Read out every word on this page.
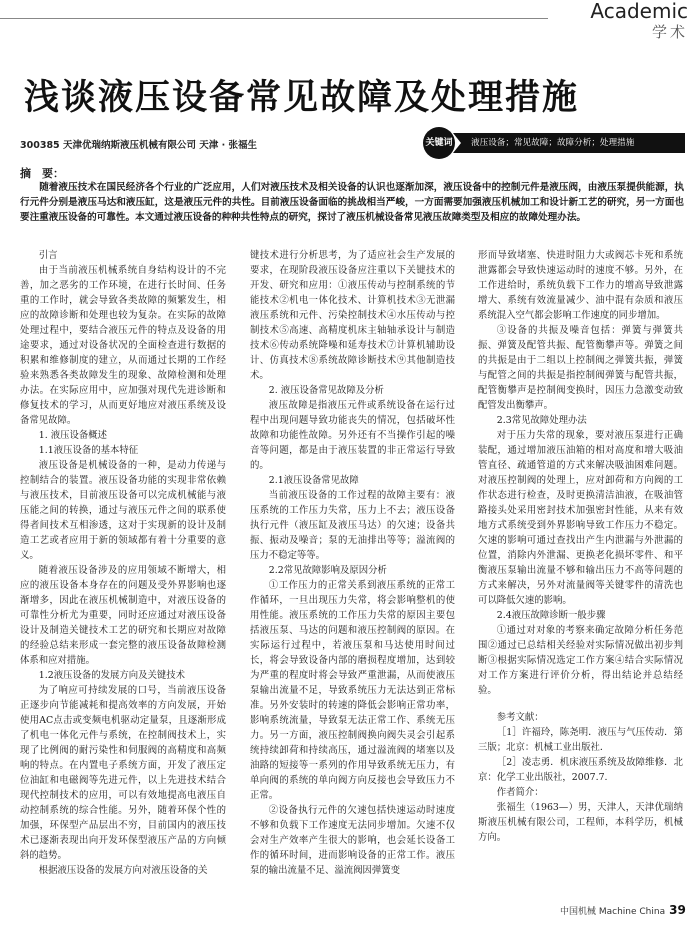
Academic
学术
浅谈液压设备常见故障及处理措施
300385 天津优瑞纳斯液压机械有限公司 天津 · 张福生	液压设备；常见故障；故障分析；处理措施
关键词
摘　要：
随着液压技术在国民经济各个行业的广泛应用，人们对液压技术及相关设备的认识也逐渐加深，液压设备中的控制元件是液压阀，由液压泵提供能源，执行元件分别是液压马达和液压缸，这是液压元件的共性。目前液压设备面临的挑战相当严峻，一方面需要加强液压机械加工和设计新工艺的研究，另一方面也要注重液压设备的可靠性。本文通过液压设备的种种共性特点的研究，探讨了液压机械设备常见液压故障类型及相应的故障处理办法。

引言

由于当前液压机械系统自身结构设计的不完善，加之恶劣的工作环境，在进行长时间、任务重的工作时，就会导致各类故障的频繁发生，相应的故障诊断和处理也较为复杂。在实际的故障处理过程中，要结合液压元件的特点及设备的用途要求，通过对设备状况的全面检查进行数据的积累和维修制度的建立，从而通过长期的工作经验来熟悉各类故障发生的现象、故障检测和处理办法。在实际应用中，应加强对现代先进诊断和修复技术的学习，从而更好地应对液压系统及设备常见故障。

1. 液压设备概述

1.1液压设备的基本特征

液压设备是机械设备的一种，是动力传递与控制结合的装置。液压设备功能的实现非常依赖与液压技术，目前液压设备可以完成机械能与液压能之间的转换，通过与液压元件之间的联系使得者间技术互相渗透，这对于实现新的设计及制造工艺或者应用于新的领域都有着十分重要的意义。

随着液压设备涉及的应用领域不断增大，相应的液压设备本身存在的问题及受外界影响也逐渐增多，因此在液压机械制造中，对液压设备的可靠性分析尤为重要，同时还应通过对液压设备设计及制造关键技术工艺的研究和长期应对故障的经验总结来形成一套完整的液压设备故障检测体系和应对措施。

1.2液压设备的发展方向及关键技术

为了响应可持续发展的口号，当前液压设备正逐步向节能减耗和提高效率的方向发展，开始使用AC点击或变频电机驱动定量泵，且逐渐形成了机电一体化元件与系统，在控制阀技术上，实现了比例阀的耐污染性和伺服阀的高精度和高频响的特点。在内置电子系统方面，开发了液压定位油缸和电磁阀等先进元件，以上先进技术结合现代控制技术的应用，可以有效地提高电液压自动控制系统的综合性能。另外，随着环保个性的加强，环保型产品层出不穷，目前国内的液压技术已逐渐表现出向开发环保型液压产品的方向倾斜的趋势。

根据液压设备的发展方向对液压设备的关

键技术进行分析思考，为了适应社会生产发展的要求，在现阶段液压设备应注重以下关键技术的开发、研究和应用：①液压传动与控制系统的节能技术②机电一体化技术、计算机技术③无泄漏液压系统和元件、污染控制技术④水压传动与控制技术⑤高速、高精度机床主轴轴承设计与制造技术⑥传动系统降噪和延寿技术⑦计算机辅助设计、仿真技术⑧系统故障诊断技术⑨其他制造技术。

2. 液压设备常见故障及分析

液压故障是指液压元件或系统设备在运行过程中出现问题导致功能丧失的情况，包括破坏性故障和功能性故障。另外还有不当操作引起的噪音等问题，都是由于液压装置的非正常运行导致的。

2.1液压设备常见故障

当前液压设备的工作过程的故障主要有：液压系统的工作压力失常，压力上不去；液压设备执行元件（液压缸及液压马达）的欠速；设备共振、振动及噪音；泵的无油排出等等；溢流阀的压力不稳定等等。

2.2常见故障影响及原因分析

①工作压力的正常关系到液压系统的正常工作循环，一旦出现压力失常，将会影响整机的使用性能。液压系统的工作压力失常的原因主要包括液压泵、马达的问题和液压控制阀的原因。在实际运行过程中，若液压泵和马达使用时间过长，将会导致设备内部的磨损程度增加，达到较为严重的程度时将会导致严重泄漏，从而使液压泵输出流量不足，导致系统压力无法达到正常标准。另外安装时的转速的降低会影响正常功率，影响系统流量，导致泵无法正常工作、系统无压力。另一方面，液压控制阀换向阀失灵会引起系统持续卸荷和持续高压，通过溢流阀的堵塞以及油路的短接等一系列的作用导致系统无压力，有单向阀的系统的单向阀方向反接也会导致压力不正常。

②设备执行元件的欠速包括快速运动时速度不够和负载下工作速度无法同步增加。欠速不仅会对生产效率产生很大的影响，也会延长设备工作的循环时间，进而影响设备的正常工作。液压泵的输出流量不足、溢流阀因弹簧变

形而导致堵塞、快进时阻力大或阀芯卡死和系统泄露都会导致快速运动时的速度不够。另外，在工作进给时，系统负载下工作力的增高导致泄露增大、系统有效流量减少、油中混有杂质和液压系统混入空气都会影响工作速度的同步增加。

③设备的共振及噪音包括：弹簧与弹簧共振、弹簧及配管共振、配管衡攀声等。弹簧之间的共振是由于二组以上控制阀之弹簧共振，弹簧与配管之间的共振是指控制阀弹簧与配管共振，配管衡攀声是控制阀变换时，因压力急激变动致配管发出衡攀声。

2.3常见故障处理办法

对于压力失常的现象，要对液压泵进行正确装配，通过增加液压油箱的相对高度和增大吸油管直径、疏通管道的方式来解决吸油困难问题。对液压控制阀的处理上，应对卸荷和方向阀的工作状态进行检查，及时更换清洁油液，在吸油管路接头处采用密封技术加强密封性能，从来有效地方式系统受到外界影响导致工作压力不稳定。欠速的影响可通过查找出产生内泄漏与外泄漏的位置，消除内外泄漏、更换老化损坏零件、和平衡液压泵输出流量不够和输出压力不高等问题的方式来解决，另外对流量阀等关键零件的清洗也可以降低欠速的影响。

2.4液压故障诊断一般步骤

①通过对对象的考察来确定故障分析任务范围②通过已总结相关经验对实际情况做出初步判断③根据实际情况选定工作方案④结合实际情况对工作方案进行评价分析，得出结论并总结经验。

参考文献：

［1］许福玲，陈尧明．液压与气压传动．第三版；北京：机械工业出版社．

［2］凌志勇．机床液压系统及故障维修．北京：化学工业出版社，2007.7.

作者简介：

张福生（1963—）男，天津人，天津优瑞纳斯液压机械有限公司，工程师，本科学历，机械方向。

中国机械 Machine China 39
